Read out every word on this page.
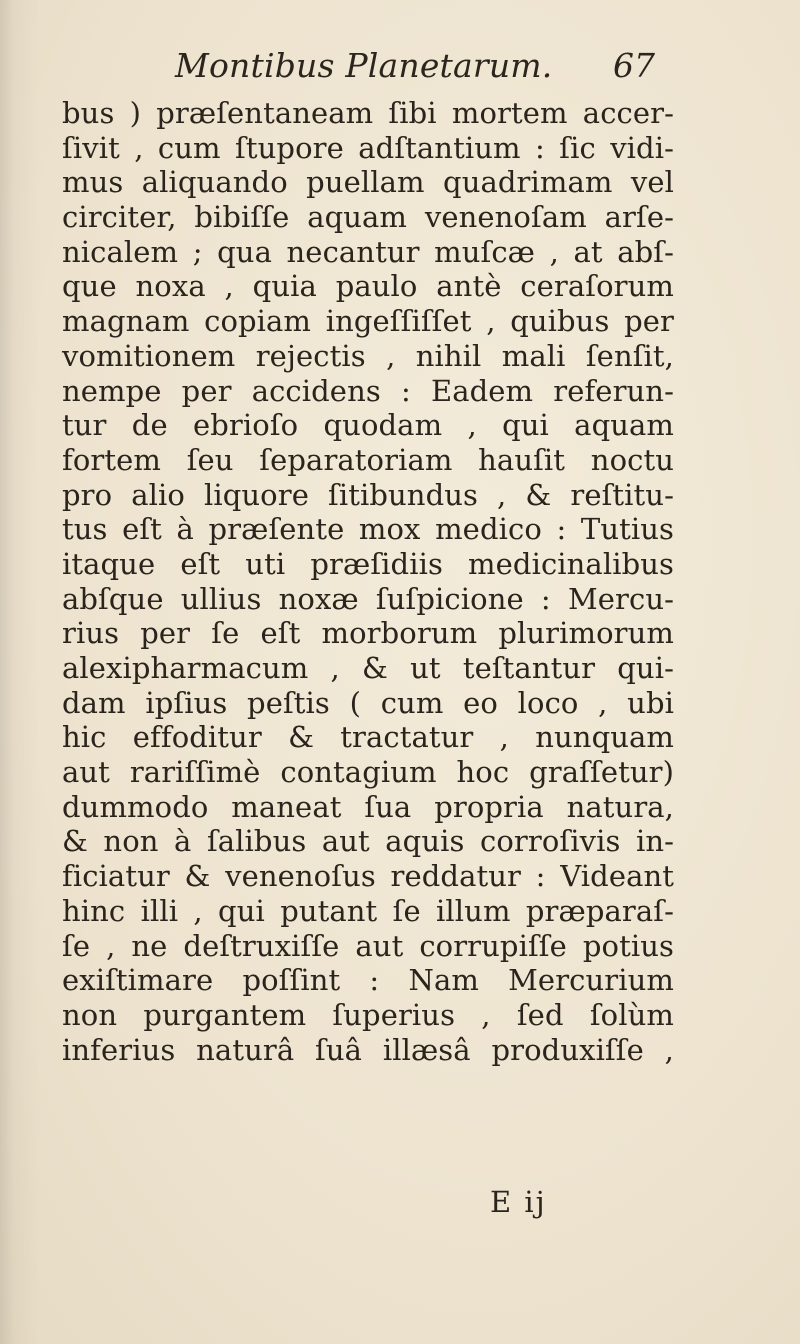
Montibus Planetarum. 67
bus ) præſentaneam ſibi mortem accer-
ſivit , cum ſtupore adſtantium : ſic vidi-
mus aliquando puellam quadrimam vel
circiter, bibiſſe aquam venenoſam arſe-
nicalem ; qua necantur muſcæ , at abſ-
que noxa , quia paulo antè ceraſorum
magnam copiam ingeſſiſſet , quibus per
vomitionem rejectis , nihil mali ſenſit,
nempe per accidens : Eadem referun-
tur de ebrioſo quodam , qui aquam
fortem ſeu ſeparatoriam hauſit noctu
pro alio liquore ſitibundus , & reſtitu-
tus eſt à præſente mox medico : Tutius
itaque eſt uti præſidiis medicinalibus
abſque ullius noxæ ſuſpicione : Mercu-
rius per ſe eſt morborum plurimorum
alexipharmacum , & ut teſtantur qui-
dam ipſius peſtis ( cum eo loco , ubi
hic effoditur & tractatur , nunquam
aut rariſſimè contagium hoc graſſetur)
dummodo maneat ſua propria natura,
& non à ſalibus aut aquis corroſivis in-
ficiatur & venenoſus reddatur : Videant
hinc illi , qui putant ſe illum præparaſ-
ſe , ne deſtruxiſſe aut corrupiſſe potius
exiſtimare poſſint : Nam Mercurium
non purgantem ſuperius , ſed ſolùm
inferius naturâ ſuâ illæsâ produxiſſe ,
E ij
